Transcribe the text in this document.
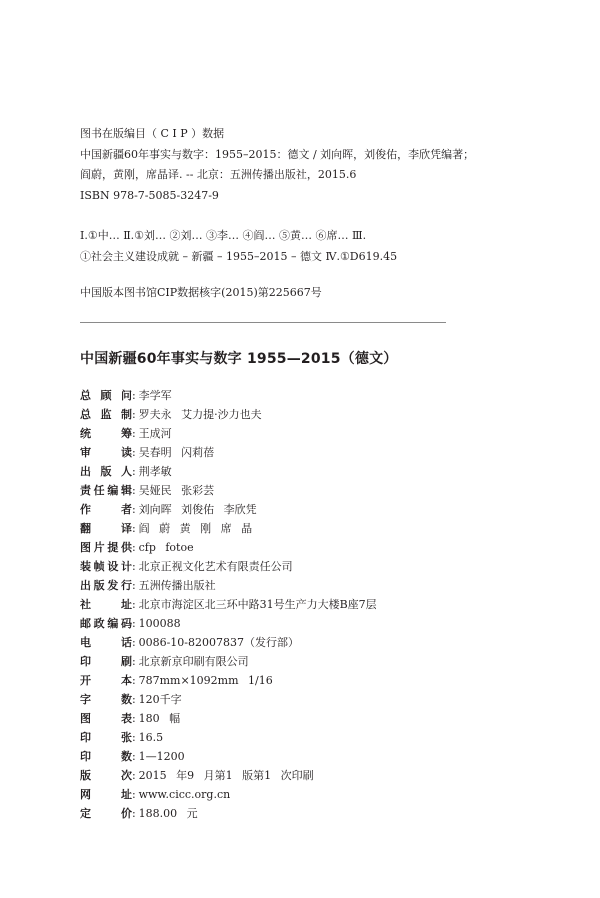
图书在版编目（ C I P ）数据
中国新疆60年事实与数字：1955–2015：德文 / 刘向晖，刘俊佑，李欣凭编著；
阎蔚，黄刚，席晶译. -- 北京：五洲传播出版社，2015.6
ISBN 978-7-5085-3247-9
Ⅰ.①中… Ⅱ.①刘… ②刘… ③李… ④阎… ⑤黄… ⑥席… Ⅲ.
①社会主义建设成就 – 新疆 – 1955–2015 – 德文 Ⅳ.①D619.45
中国版本图书馆CIP数据核字(2015)第225667号
中国新疆60年事实与数字 1955—2015（德文）
总顾问 : 李学军
总监制 : 罗夫永 艾力提·沙力也夫
统筹 : 王成河
审读 : 吴春明 闪莉蓓
出版人 : 荆孝敏
责任编辑 : 吴娅民 张彩芸
作者 : 刘向晖 刘俊佑 李欣凭
翻译 : 阎 蔚 黄 刚 席 晶
图片提供 : cfp fotoe
装帧设计 : 北京正视文化艺术有限责任公司
出版发行 : 五洲传播出版社
社址 : 北京市海淀区北三环中路31号生产力大楼B座7层
邮政编码 : 100088
电话 : 0086-10-82007837（发行部）
印刷 : 北京新京印刷有限公司
开本 : 787mm×1092mm 1/16
字数 : 120千字
图表 : 180 幅
印张 : 16.5
印数 : 1—1200
版次 : 2015 年9 月第1 版第1 次印刷
网址 : www.cicc.org.cn
定价 : 188.00 元
